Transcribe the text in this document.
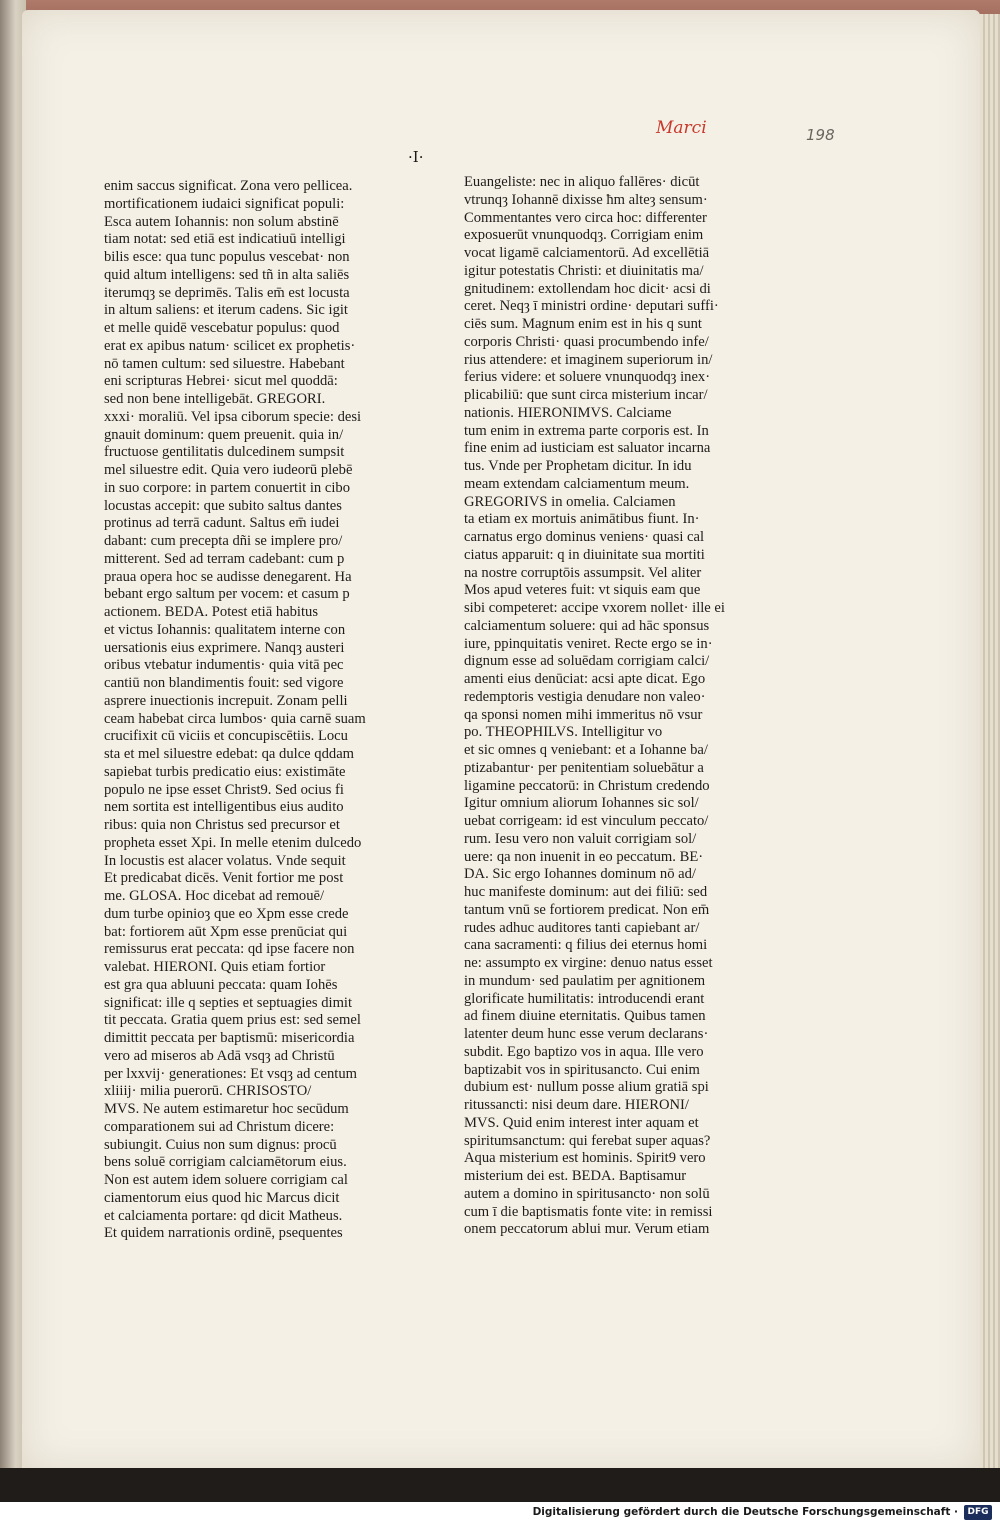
Marci	198
·I·
enim saccus significat. Zona vero pellicea.
mortificationem iudaici significat populi:
Esca autem Iohannis: non solum abstinē
tiam notat: sed etiā est indicatiuū intelligi
bilis esce: qua tunc populus vescebat· non
quid altum intelligens: sed tñ in alta saliēs
iterumqȝ se deprimēs. Talis em̄ est locusta
in altum saliens: et iterum cadens. Sic igit
et melle quidē vescebatur populus: quod
erat ex apibus natum· scilicet ex prophetis·
nō tamen cultum: sed siluestre. Habebant
eni scripturas Hebrei· sicut mel quoddā:
sed non bene intelligebāt. GREGORI.
xxxi· moraliū. Vel ipsa ciborum specie: desi
gnauit dominum: quem preuenit. quia in/
fructuose gentilitatis dulcedinem sumpsit
mel siluestre edit. Quia vero iudeorū plebē
in suo corpore: in partem conuertit in cibo
locustas accepit: que subito saltus dantes
protinus ad terrā cadunt. Saltus em̄ iudei
dabant: cum precepta dñi se implere pro/
mitterent. Sed ad terram cadebant: cum p
praua opera hoc se audisse denegarent. Ha
bebant ergo saltum per vocem: et casum p
actionem. BEDA. Potest etiā habitus
et victus Iohannis: qualitatem interne con
uersationis eius exprimere. Nanqȝ austeri
oribus vtebatur indumentis· quia vitā pec
cantiū non blandimentis fouit: sed vigore
asprere inuectionis increpuit. Zonam pelli
ceam habebat circa lumbos· quia carnē suam
crucifixit cū viciis et concupiscētiis. Locu
sta et mel siluestre edebat: qa dulce qddam
sapiebat turbis predicatio eius: existimāte
populo ne ipse esset Christ9. Sed ocius fi
nem sortita est intelligentibus eius audito
ribus: quia non Christus sed precursor et
propheta esset Xpi. In melle etenim dulcedo
In locustis est alacer volatus. Vnde sequit
Et predicabat dicēs. Venit fortior me post
me. GLOSA. Hoc dicebat ad remouē/
dum turbe opinioȝ que eo Xpm esse crede
bat: fortiorem aūt Xpm esse prenūciat qui
remissurus erat peccata: qd ipse facere non
valebat. HIERONI. Quis etiam fortior
est gra qua abluuni peccata: quam Iohēs
significat: ille q septies et septuagies dimit
tit peccata. Gratia quem prius est: sed semel
dimittit peccata per baptismū: misericordia
vero ad miseros ab Adā vsqȝ ad Christū
per lxxvij· generationes: Et vsqȝ ad centum
xliiij· milia puerorū. CHRISOSTO/
MVS. Ne autem estimaretur hoc secūdum
comparationem sui ad Christum dicere:
subiungit. Cuius non sum dignus: procū
bens soluē corrigiam calciamētorum eius.
Non est autem idem soluere corrigiam cal
ciamentorum eius quod hic Marcus dicit
et calciamenta portare: qd dicit Matheus.
Et quidem narrationis ordinē, psequentes
Euangeliste: nec in aliquo fallēres· dicūt
vtrunqȝ Iohannē dixisse ħm alteȝ sensum·
Commentantes vero circa hoc: differenter
exposuerūt vnunquodqȝ. Corrigiam enim
vocat ligamē calciamentorū. Ad excellētiā
igitur potestatis Christi: et diuinitatis ma/
gnitudinem: extollendam hoc dicit· acsi di
ceret. Neqȝ ī ministri ordine· deputari suffi·
ciēs sum. Magnum enim est in his q sunt
corporis Christi· quasi procumbendo infe/
rius attendere: et imaginem superiorum in/
ferius videre: et soluere vnunquodqȝ inex·
plicabiliū: que sunt circa misterium incar/
nationis. HIERONIMVS. Calciame
tum enim in extrema parte corporis est. In
fine enim ad iusticiam est saluator incarna
tus. Vnde per Prophetam dicitur. In idu
meam extendam calciamentum meum.
GREGORIVS in omelia. Calciamen
ta etiam ex mortuis animātibus fiunt. In·
carnatus ergo dominus veniens· quasi cal
ciatus apparuit: q in diuinitate sua mortiti
na nostre corruptōis assumpsit. Vel aliter
Mos apud veteres fuit: vt siquis eam que
sibi competeret: accipe vxorem nollet· ille ei
calciamentum soluere: qui ad hāc sponsus
iure, ppinquitatis veniret. Recte ergo se in·
dignum esse ad soluēdam corrigiam calci/
amenti eius denūciat: acsi apte dicat. Ego
redemptoris vestigia denudare non valeo·
qa sponsi nomen mihi immeritus nō vsur
po. THEOPHILVS. Intelligitur vo
et sic omnes q veniebant: et a Iohanne ba/
ptizabantur· per penitentiam soluebātur a
ligamine peccatorū: in Christum credendo
Igitur omnium aliorum Iohannes sic sol/
uebat corrigeam: id est vinculum peccato/
rum. Iesu vero non valuit corrigiam sol/
uere: qa non inuenit in eo peccatum. BE·
DA. Sic ergo Iohannes dominum nō ad/
huc manifeste dominum: aut dei filiū: sed
tantum vnū se fortiorem predicat. Non em̄
rudes adhuc auditores tanti capiebant ar/
cana sacramenti: q filius dei eternus homi
ne: assumpto ex virgine: denuo natus esset
in mundum· sed paulatim per agnitionem
glorificate humilitatis: introducendi erant
ad finem diuine eternitatis. Quibus tamen
latenter deum hunc esse verum declarans·
subdit. Ego baptizo vos in aqua. Ille vero
baptizabit vos in spiritusancto. Cui enim
dubium est· nullum posse alium gratiā spi
ritussancti: nisi deum dare. HIERONI/
MVS. Quid enim interest inter aquam et
spiritumsanctum: qui ferebat super aquas?
Aqua misterium est hominis. Spirit9 vero
misterium dei est. BEDA. Baptisamur
autem a domino in spiritusancto· non solū
cum ī die baptismatis fonte vite: in remissi
onem peccatorum ablui mur. Verum etiam
Digitalisierung gefördert durch die Deutsche Forschungsgemeinschaft ·	DFG
